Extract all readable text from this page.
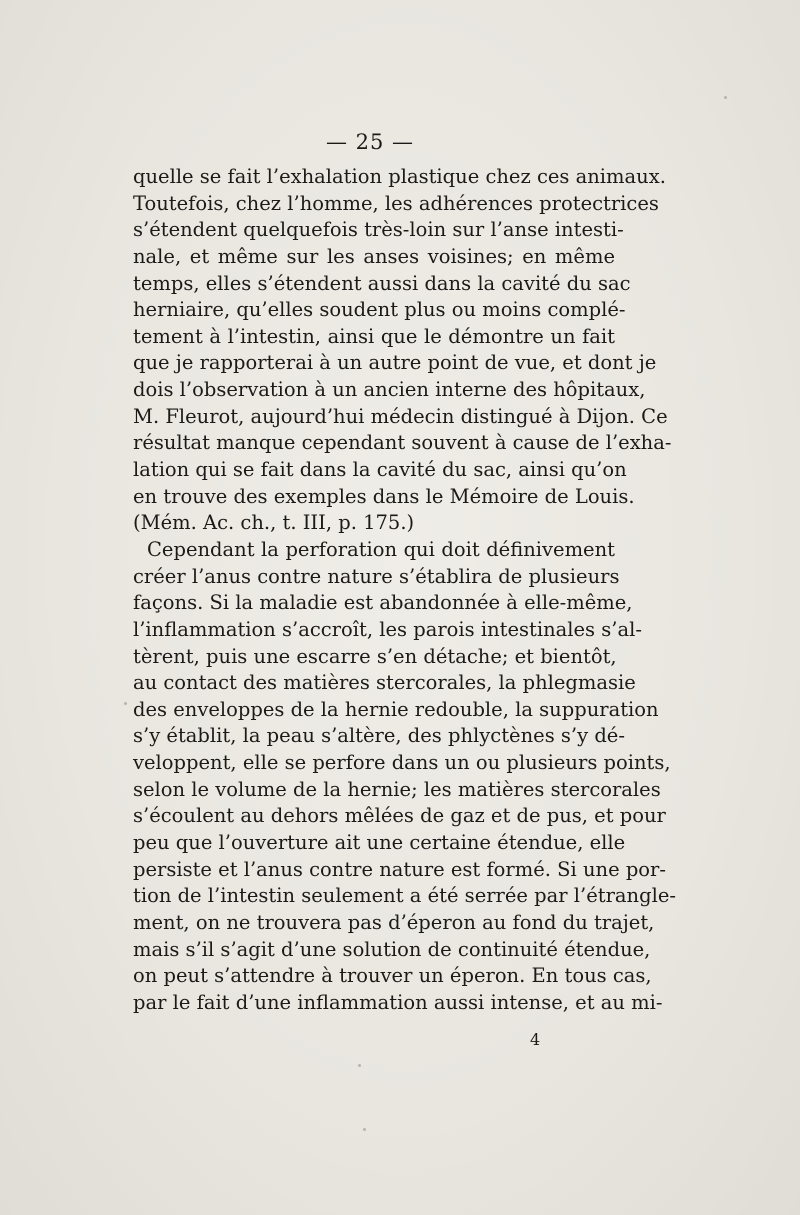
— 25 —
quelle se fait l’exhalation plastique chez ces animaux.
Toutefois, chez l’homme, les adhérences protectrices
s’étendent quelquefois très-loin sur l’anse intesti-
nale, et même sur les anses voisines; en même
temps, elles s’étendent aussi dans la cavité du sac
herniaire, qu’elles soudent plus ou moins complé-
tement à l’intestin, ainsi que le démontre un fait
que je rapporterai à un autre point de vue, et dont je
dois l’observation à un ancien interne des hôpitaux,
M. Fleurot, aujourd’hui médecin distingué à Dijon. Ce
résultat manque cependant souvent à cause de l’exha-
lation qui se fait dans la cavité du sac, ainsi qu’on
en trouve des exemples dans le Mémoire de Louis.
(Mém. Ac. ch., t. III, p. 175.)
Cependant la perforation qui doit définivement
créer l’anus contre nature s’établira de plusieurs
façons. Si la maladie est abandonnée à elle-même,
l’inflammation s’accroît, les parois intestinales s’al-
tèrent, puis une escarre s’en détache; et bientôt,
au contact des matières stercorales, la phlegmasie
des enveloppes de la hernie redouble, la suppuration
s’y établit, la peau s’altère, des phlyctènes s’y dé-
veloppent, elle se perfore dans un ou plusieurs points,
selon le volume de la hernie; les matières stercorales
s’écoulent au dehors mêlées de gaz et de pus, et pour
peu que l’ouverture ait une certaine étendue, elle
persiste et l’anus contre nature est formé. Si une por-
tion de l’intestin seulement a été serrée par l’étrangle-
ment, on ne trouvera pas d’éperon au fond du trajet,
mais s’il s’agit d’une solution de continuité étendue,
on peut s’attendre à trouver un éperon. En tous cas,
par le fait d’une inflammation aussi intense, et au mi-
4
